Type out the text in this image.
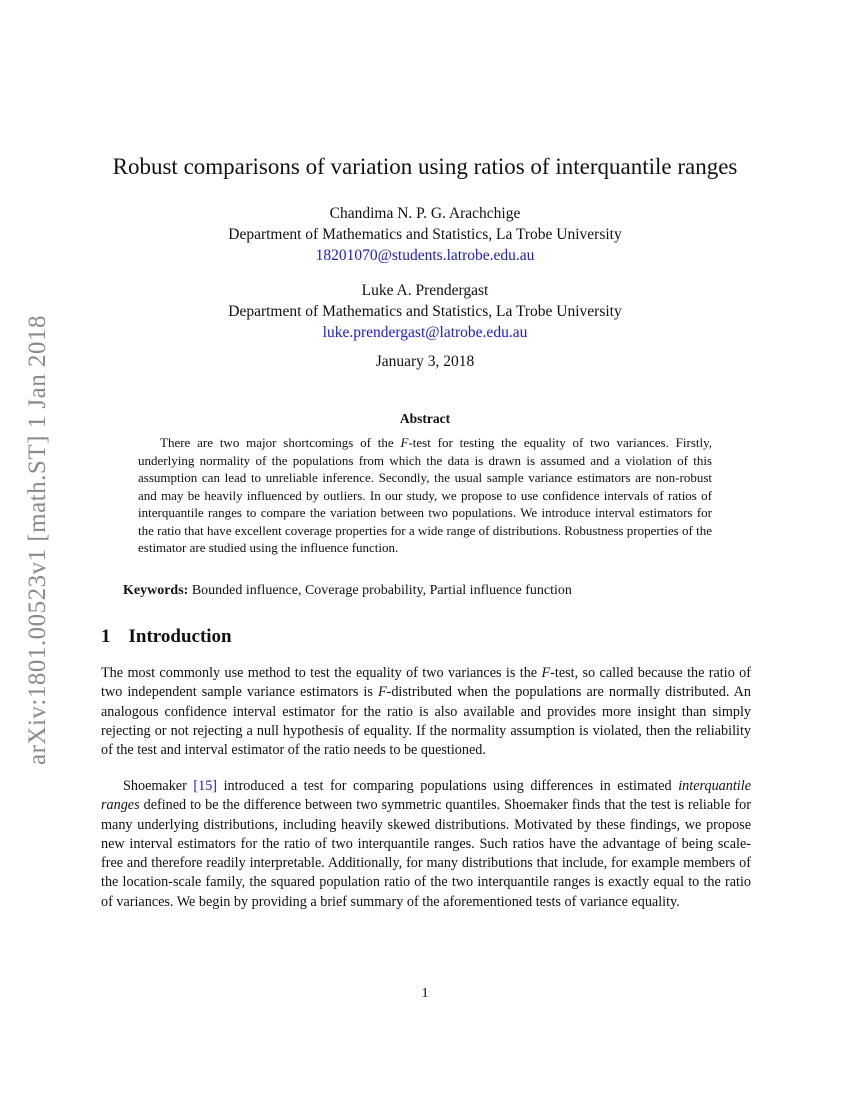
arXiv:1801.00523v1 [math.ST] 1 Jan 2018
Robust comparisons of variation using ratios of interquantile ranges
Chandima N. P. G. Arachchige
Department of Mathematics and Statistics, La Trobe University
18201070@students.latrobe.edu.au
Luke A. Prendergast
Department of Mathematics and Statistics, La Trobe University
luke.prendergast@latrobe.edu.au
January 3, 2018
Abstract
There are two major shortcomings of the F-test for testing the equality of two variances. Firstly, underlying normality of the populations from which the data is drawn is assumed and a violation of this assumption can lead to unreliable inference. Secondly, the usual sample variance estimators are non-robust and may be heavily influenced by outliers. In our study, we propose to use confidence intervals of ratios of interquantile ranges to compare the variation between two populations. We introduce interval estimators for the ratio that have excellent coverage properties for a wide range of distributions. Robustness properties of the estimator are studied using the influence function.
Keywords: Bounded influence, Coverage probability, Partial influence function
1 Introduction
The most commonly use method to test the equality of two variances is the F-test, so called because the ratio of two independent sample variance estimators is F-distributed when the populations are normally distributed. An analogous confidence interval estimator for the ratio is also available and provides more insight than simply rejecting or not rejecting a null hypothesis of equality. If the normality assumption is violated, then the reliability of the test and interval estimator of the ratio needs to be questioned.
Shoemaker [15] introduced a test for comparing populations using differences in estimated interquantile ranges defined to be the difference between two symmetric quantiles. Shoemaker finds that the test is reliable for many underlying distributions, including heavily skewed distributions. Motivated by these findings, we propose new interval estimators for the ratio of two interquantile ranges. Such ratios have the advantage of being scale-free and therefore readily interpretable. Additionally, for many distributions that include, for example members of the location-scale family, the squared population ratio of the two interquantile ranges is exactly equal to the ratio of variances. We begin by providing a brief summary of the aforementioned tests of variance equality.
1
